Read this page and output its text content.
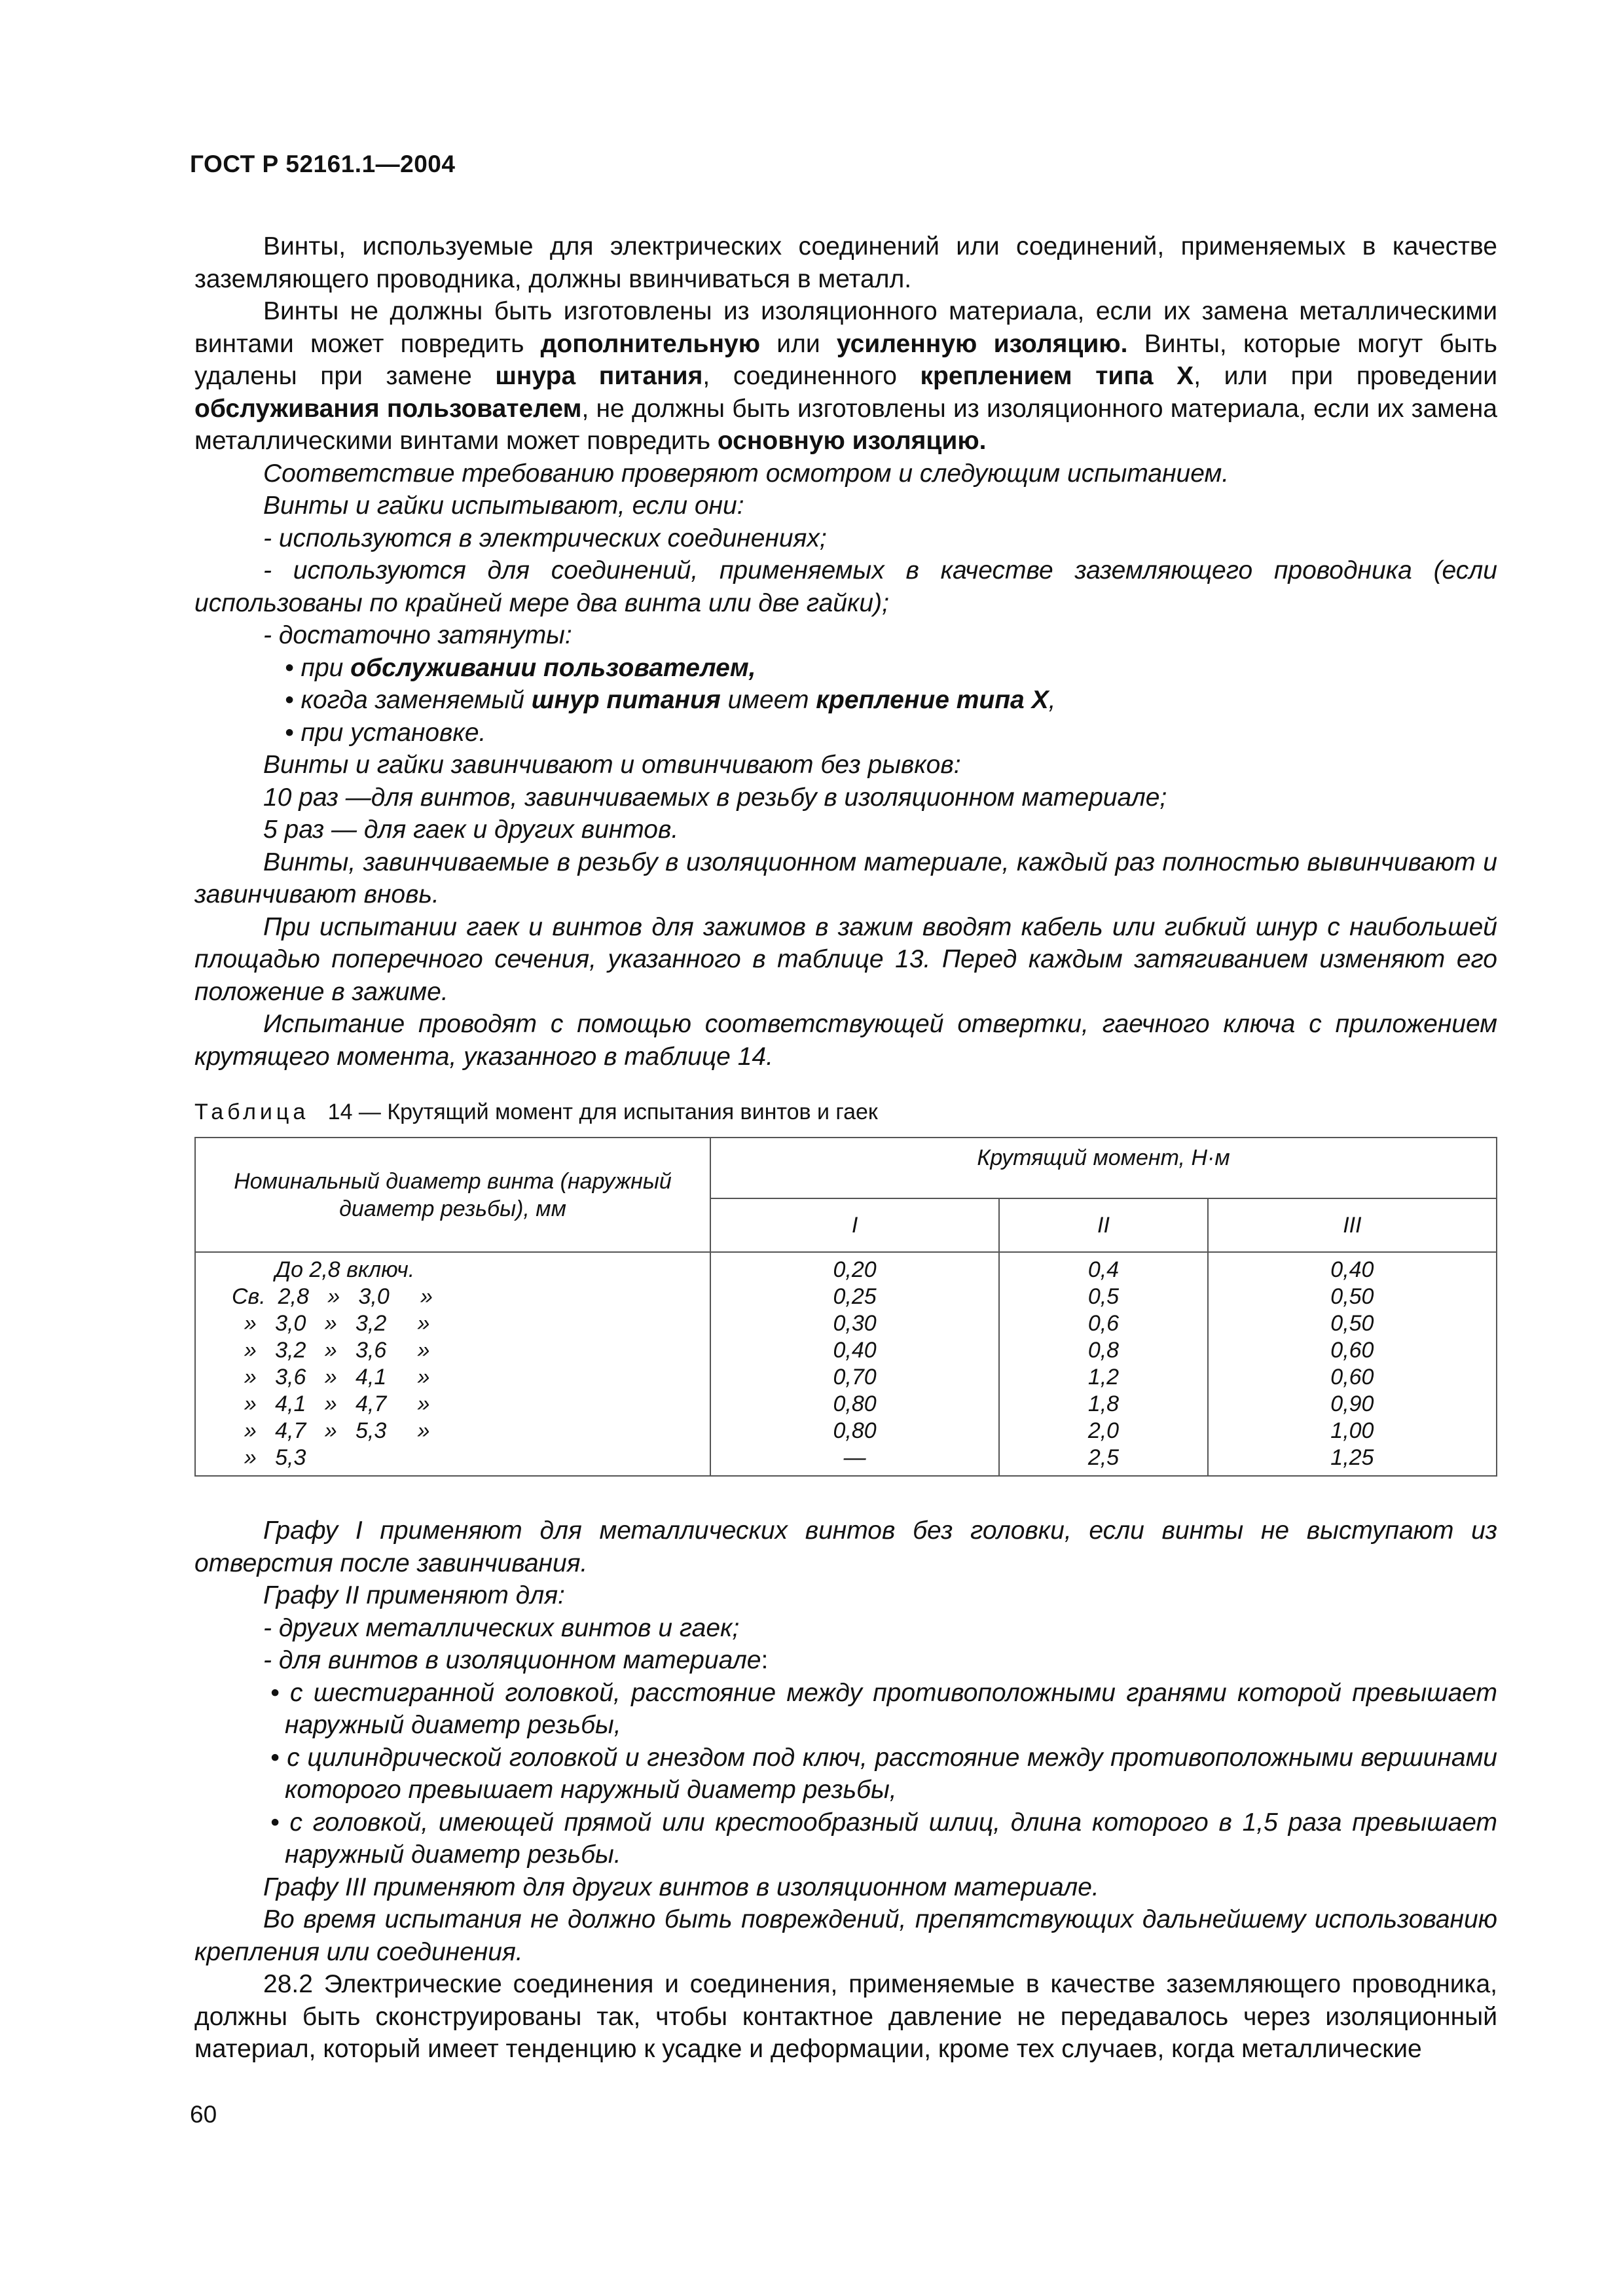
ГОСТ Р 52161.1—2004

Винты, используемые для электрических соединений или соединений, применяемых в качестве заземляющего проводника, должны ввинчиваться в металл.

Винты не должны быть изготовлены из изоляционного материала, если их замена металлическими винтами может повредить дополнительную или усиленную изоляцию. Винты, которые могут быть удалены при замене шнура питания, соединенного креплением типа X, или при проведении обслуживания пользователем, не должны быть изготовлены из изоляционного материала, если их замена металлическими винтами может повредить основную изоляцию.

Соответствие требованию проверяют осмотром и следующим испытанием.

Винты и гайки испытывают, если они:

- используются в электрических соединениях;

- используются для соединений, применяемых в качестве заземляющего проводника (если использованы по крайней мере два винта или две гайки);

- достаточно затянуты:

• при обслуживании пользователем,

• когда заменяемый шнур питания имеет крепление типа X,

• при установке.

Винты и гайки завинчивают и отвинчивают без рывков:

10 раз —для винтов, завинчиваемых в резьбу в изоляционном материале;

5 раз — для гаек и других винтов.

Винты, завинчиваемые в резьбу в изоляционном материале, каждый раз полностью вывинчивают и завинчивают вновь.

При испытании гаек и винтов для зажимов в зажим вводят кабель или гибкий шнур с наибольшей площадью поперечного сечения, указанного в таблице 13. Перед каждым затягиванием изменяют его положение в зажиме.

Испытание проводят с помощью соответствующей отвертки, гаечного ключа с приложением крутящего момента, указанного в таблице 14.

Таблица 14 — Крутящий момент для испытания винтов и гаек
Номинальный диаметр винта (наружный диаметр резьбы), мм	Крутящий момент, Н·м		
	I	II	III
До 2,8 включ.	0,20	0,4	0,40
Св.  2,8   »   3,0     »	0,25	0,5	0,50
»   3,0   »   3,2     »	0,30	0,6	0,50
»   3,2   »   3,6     »	0,40	0,8	0,60
»   3,6   »   4,1     »	0,70	1,2	0,60
»   4,1   »   4,7     »	0,80	1,8	0,90
»   4,7   »   5,3     »	0,80	2,0	1,00
»   5,3	—	2,5	1,25

Графу I применяют для металлических винтов без головки, если винты не выступают из отверстия после завинчивания.

Графу II применяют для:

- других металлических винтов и гаек;

- для винтов в изоляционном материале:

• с шестигранной головкой, расстояние между противоположными гранями которой превышает наружный диаметр резьбы,

• с цилиндрической головкой и гнездом под ключ, расстояние между противоположными вершинами которого превышает наружный диаметр резьбы,

• с головкой, имеющей прямой или крестообразный шлиц, длина которого в 1,5 раза превышает наружный диаметр резьбы.

Графу III применяют для других винтов в изоляционном материале.

Во время испытания не должно быть повреждений, препятствующих дальнейшему использованию крепления или соединения.

28.2 Электрические соединения и соединения, применяемые в качестве заземляющего проводника, должны быть сконструированы так, чтобы контактное давление не передавалось через изоляционный материал, который имеет тенденцию к усадке и деформации, кроме тех случаев, когда металлические

60
